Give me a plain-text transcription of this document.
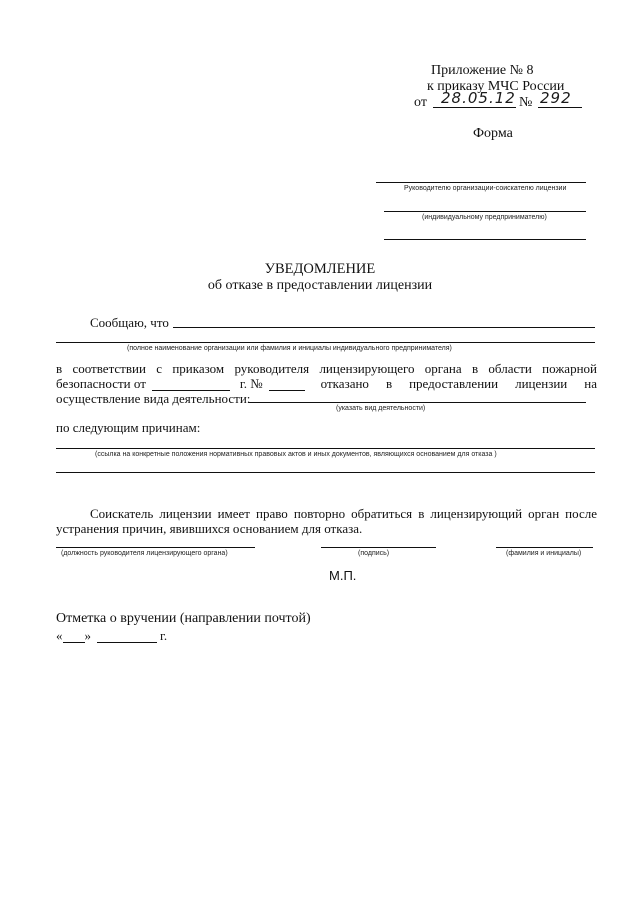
Приложение № 8
к приказу МЧС России
от 28.05.12 № 292
Форма
Руководителю организации-соискателю лицензии
(индивидуальному предпринимателю)
УВЕДОМЛЕНИЕ
об отказе в предоставлении лицензии
Сообщаю, что
(полное наименование организации или фамилия и инициалы индивидуального предпринимателя)
в соответствии с приказом руководителя лицензирующего органа в области пожарной
безопасности от	г. №	отказано в предоставлении лицензии на
осуществление вида деятельности:
(указать вид деятельности)
по следующим причинам:
(ссылка на конкретные положения нормативных правовых актов и иных документов, являющихся основанием для отказа )
Соискатель лицензии имеет право повторно обратиться в лицензирующий орган после
устранения причин, явившихся основанием для отказа.
(должность руководителя лицензирующего органа)	(подпись)	(фамилия и инициалы)
М.П.
Отметка о вручении (направлении почтой)
« »	г.
